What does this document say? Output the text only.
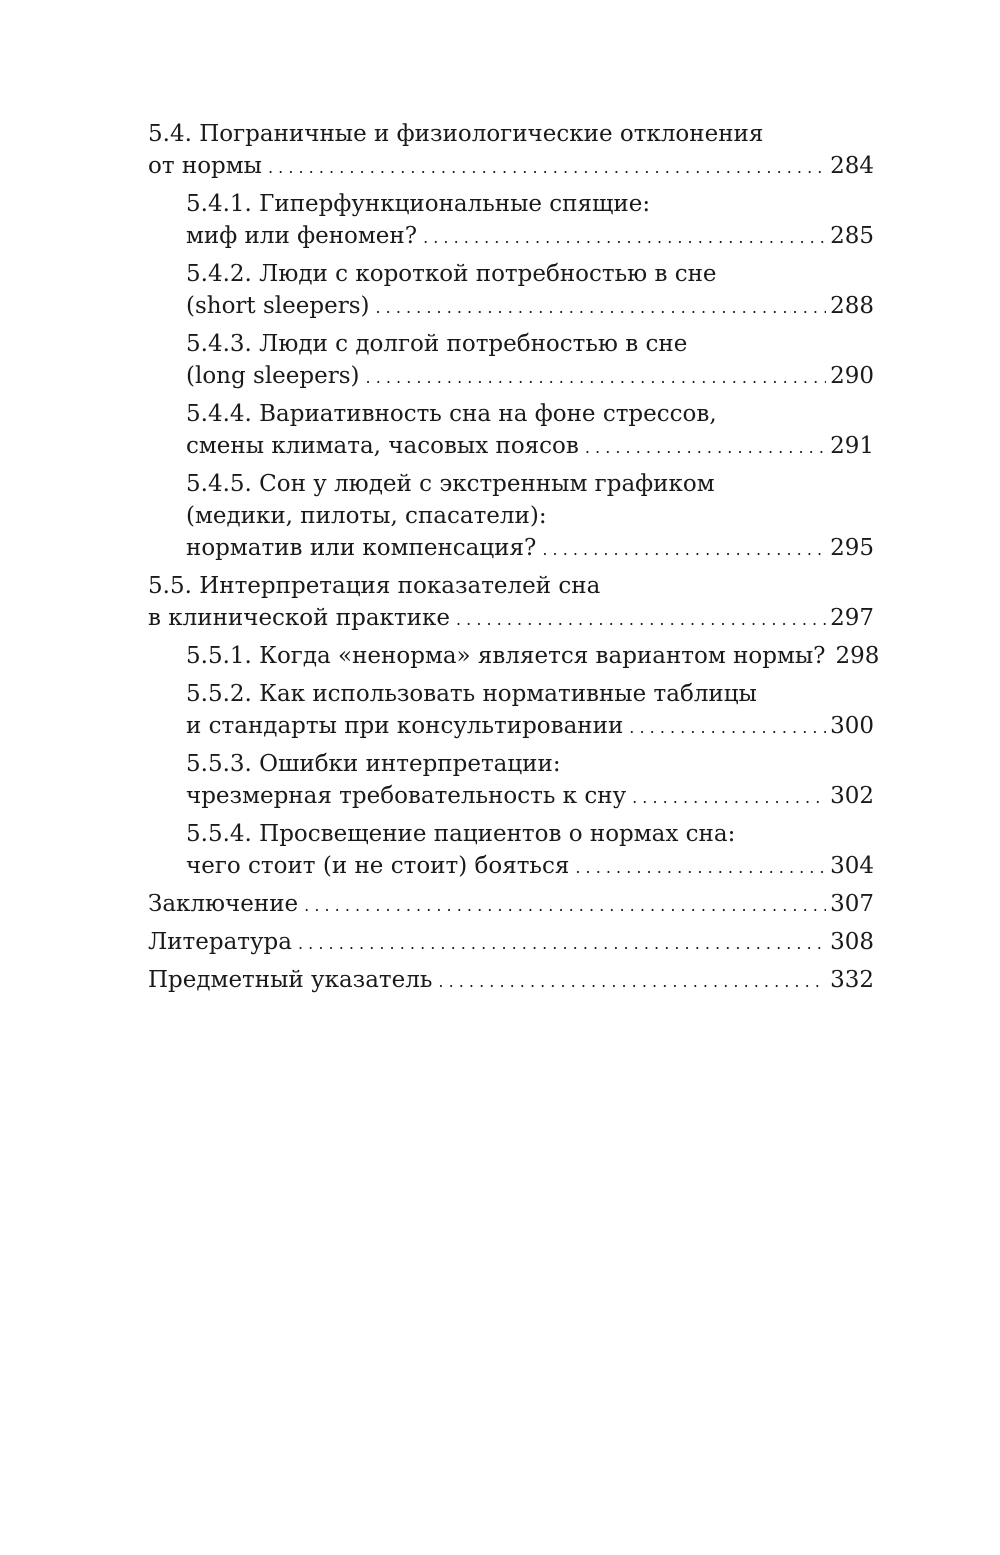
5.4. Пограничные и физиологические отклонения
от нормы . . .	284
5.4.1. Гиперфункциональные спящие:
миф или феномен? . . .	285
5.4.2. Люди с короткой потребностью в сне
(short sleepers) . . .	288
5.4.3. Люди с долгой потребностью в сне
(long sleepers) . . .	290
5.4.4. Вариативность сна на фоне стрессов,
смены климата, часовых поясов . . .	291
5.4.5. Сон у людей с экстренным графиком
(медики, пилоты, спасатели):
норматив или компенсация? . . .	295
5.5. Интерпретация показателей сна
в клинической практике . . .	297
5.5.1. Когда «ненорма» является вариантом нормы? 298
5.5.2. Как использовать нормативные таблицы
и стандарты при консультировании . . .	300
5.5.3. Ошибки интерпретации:
чрезмерная требовательность к сну . . .	302
5.5.4. Просвещение пациентов о нормах сна:
чего стоит (и не стоит) бояться . . .	304
Заключение . . .	307
Литература . . .	308
Предметный указатель . . .	332
